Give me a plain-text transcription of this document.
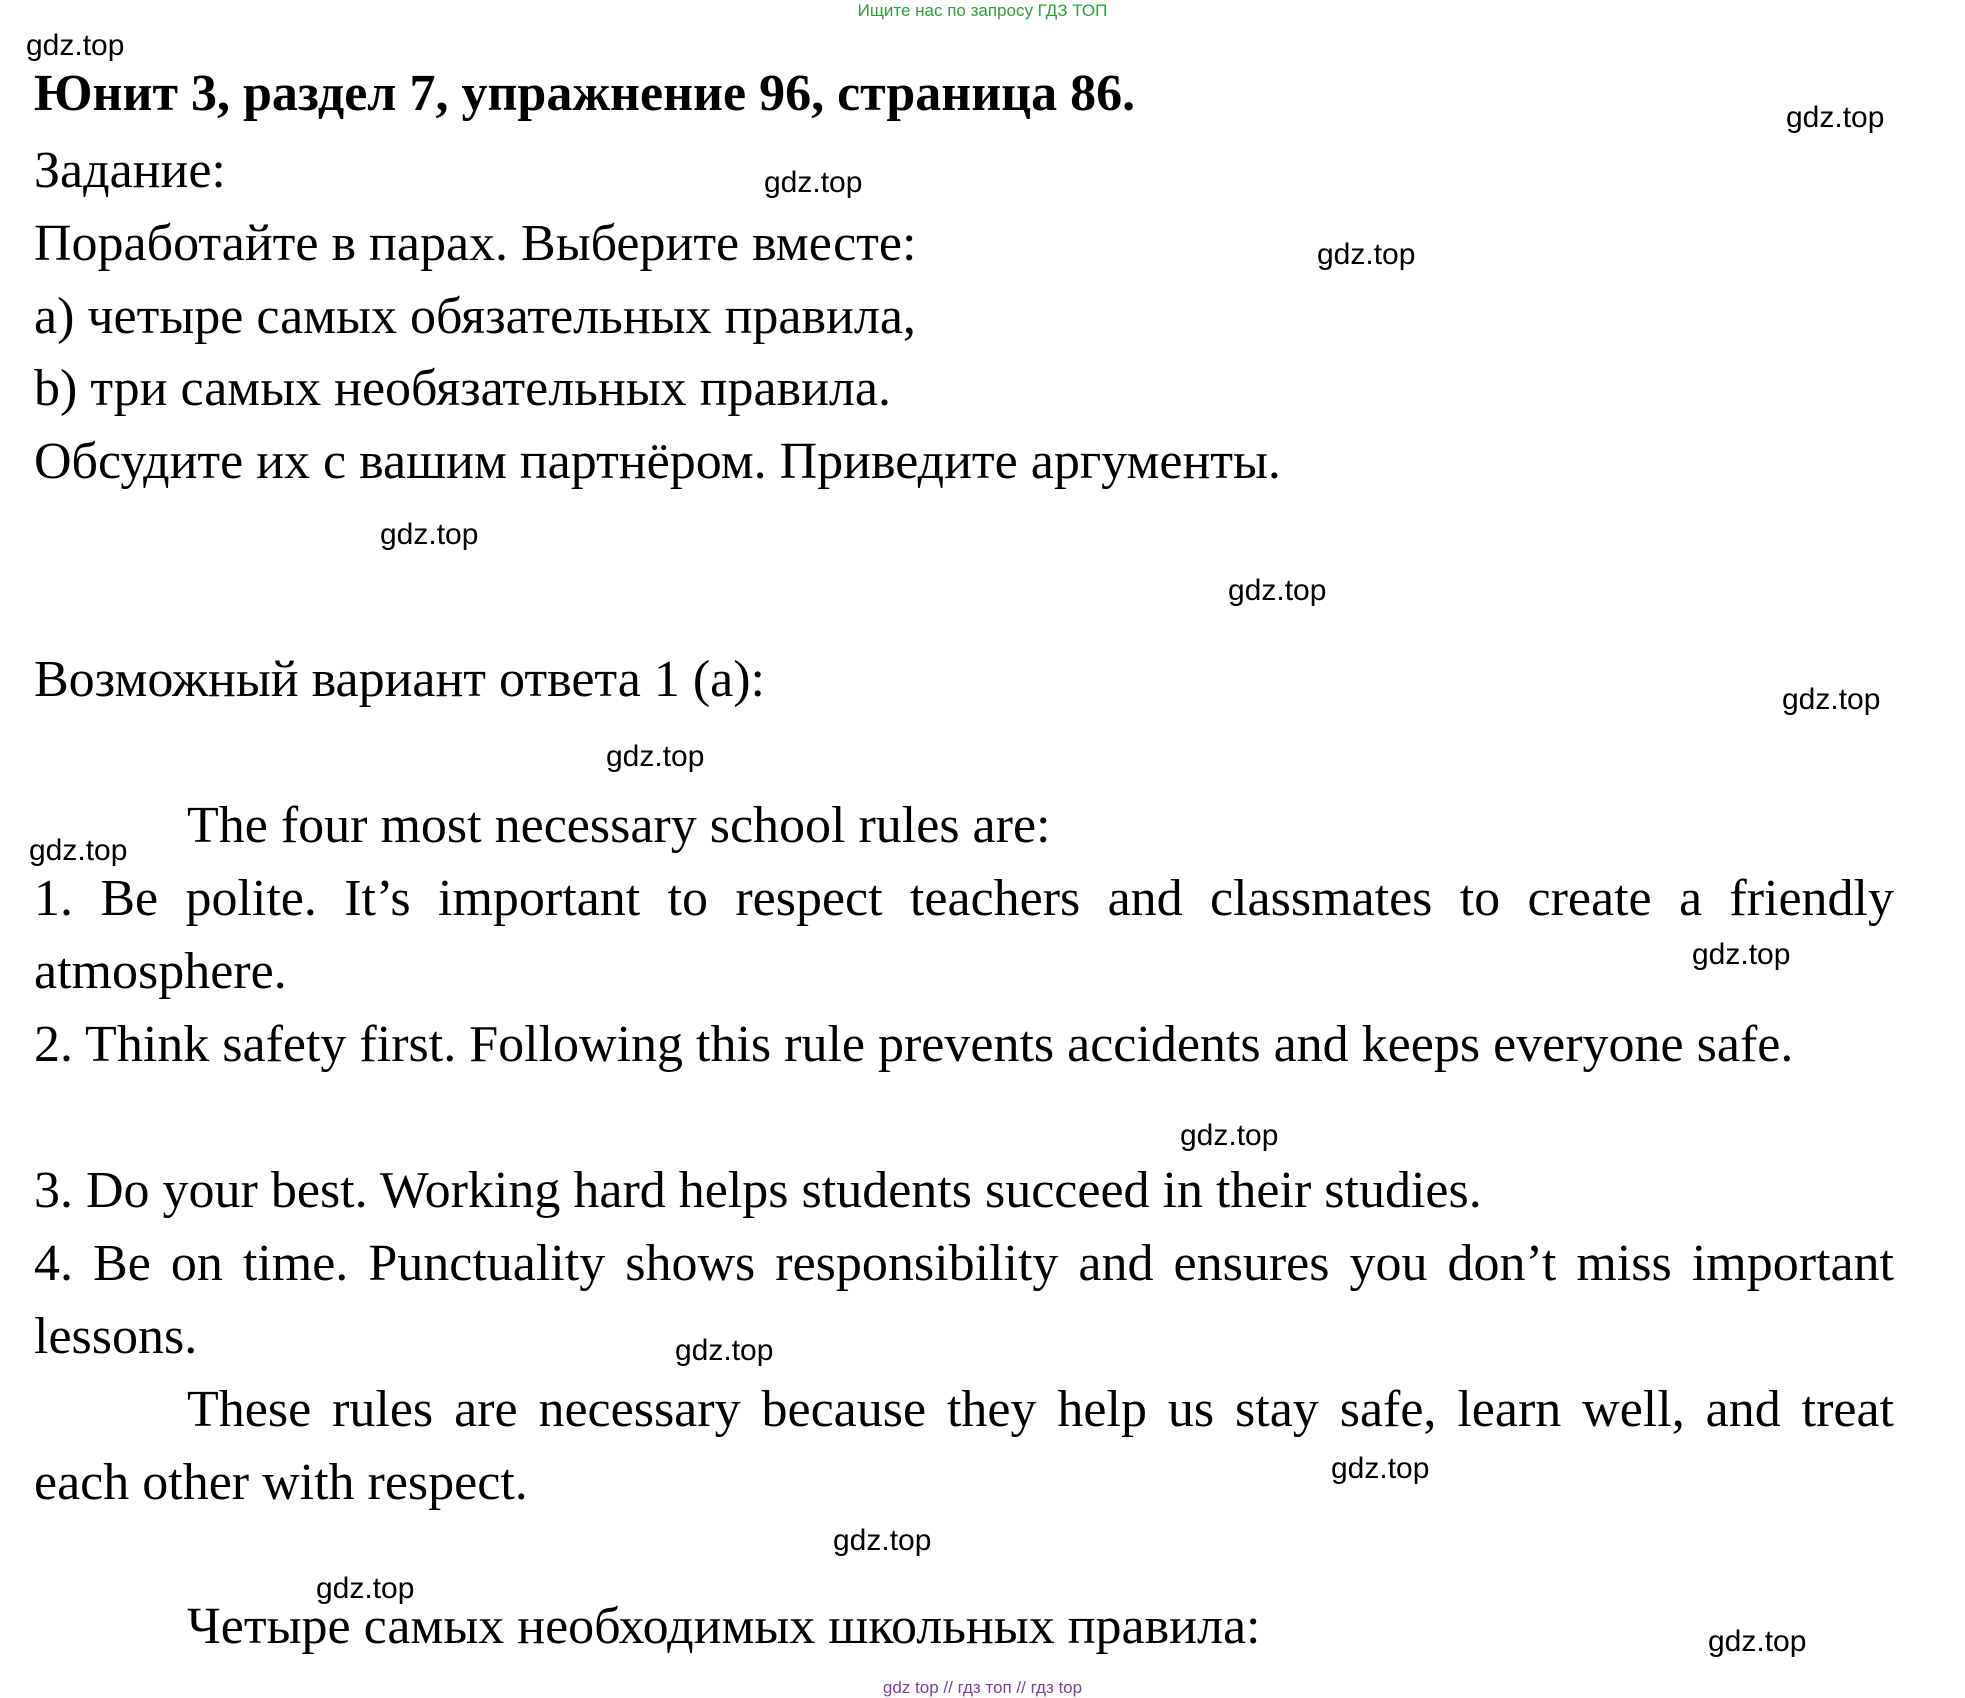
Ищите нас по запросу ГДЗ ТОП
Юнит 3, раздел 7, упражнение 96, страница 86.
Задание:
Поработайте в парах. Выберите вместе:
a) четыре самых обязательных правила,
b) три самых необязательных правила.
Обсудите их с вашим партнёром. Приведите аргументы.
Возможный вариант ответа 1 (a):
The four most necessary school rules are:
1. Be polite. It’s important to respect teachers and classmates to create a friendly atmosphere.
2. Think safety first. Following this rule prevents accidents and keeps everyone safe.
3. Do your best. Working hard helps students succeed in their studies.
4. Be on time. Punctuality shows responsibility and ensures you don’t miss important lessons.
These rules are necessary because they help us stay safe, learn well, and treat each other with respect.
Четыре самых необходимых школьных правила:
gdz.top
gdz.top
gdz.top
gdz.top
gdz.top
gdz.top
gdz.top
gdz.top
gdz.top
gdz.top
gdz.top
gdz.top
gdz.top
gdz.top
gdz.top
gdz.top
gdz top // гдз топ // гдз top
